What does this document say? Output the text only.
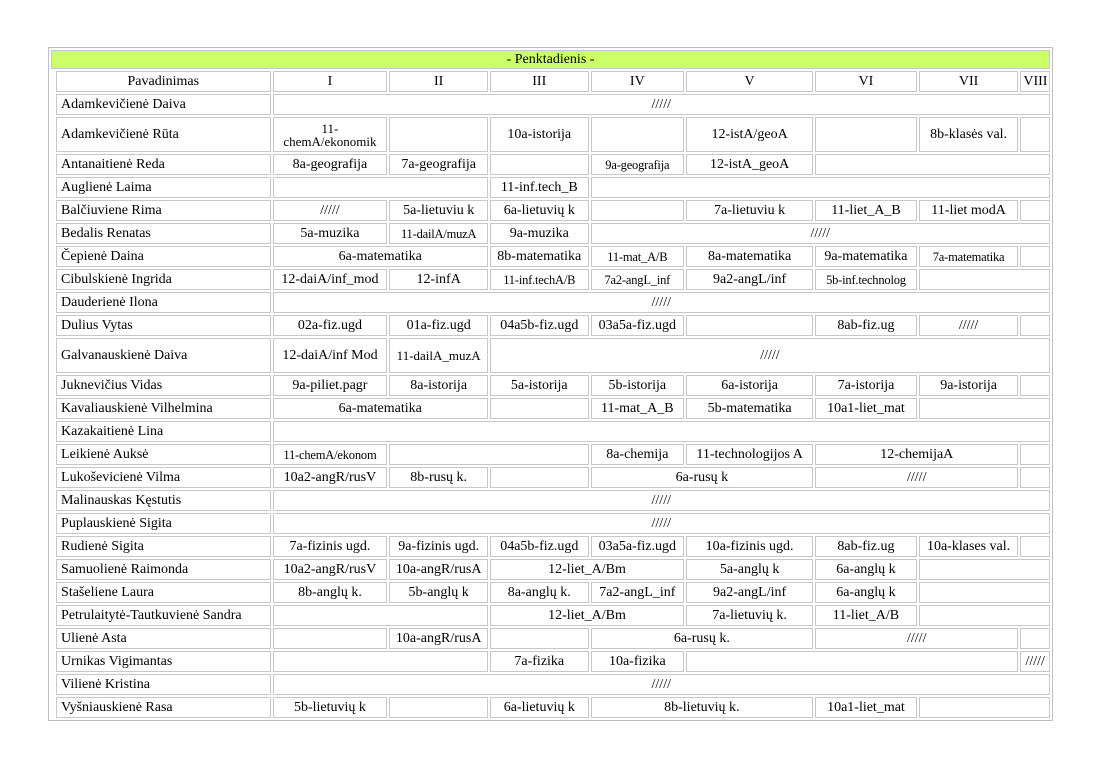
- Penktadienis -									
	Pavadinimas	I	II	III	IV	V	VI	VII	VIII
	Adamkevičienė Daiva	/////							
	Adamkevičienė Rūta	11-chemA/ekonomik		10a-istorija		12-istA/geoA		8b-klasės val.	
	Antanaitienė Reda	8a-geografija	7a-geografija		9a-geografija	12-istA_geoA			
	Auglienė Laima			11-inf.tech_B					
	Balčiuviene Rima	/////	5a-lietuviu k	6a-lietuvių k		7a-lietuviu k	11-liet_A_B	11-liet modA	
	Bedalis Renatas	5a-muzika	11-dailA/muzA	9a-muzika	/////				
	Čepienė Daina	6a-matematika		8b-matematika	11-mat_A/B	8a-matematika	9a-matematika	7a-matematika	
	Cibulskienė Ingrida	12-daiA/inf_mod	12-infA	11-inf.techA/B	7a2-angL_inf	9a2-angL/inf	5b-inf.technolog		
	Dauderienė Ilona	/////							
	Dulius Vytas	02a-fiz.ugd	01a-fiz.ugd	04a5b-fiz.ugd	03a5a-fiz.ugd		8ab-fiz.ug	/////	
	Galvanauskienė Daiva	12-daiA/inf Mod	11-dailA_muzA	/////					
	Juknevičius Vidas	9a-piliet.pagr	8a-istorija	5a-istorija	5b-istorija	6a-istorija	7a-istorija	9a-istorija	
	Kavaliauskienė Vilhelmina	6a-matematika			11-mat_A_B	5b-matematika	10a1-liet_mat		
	Kazakaitienė Lina								
	Leikienė Auksė	11-chemA/ekonom			8a-chemija	11-technologijos A	12-chemijaA		
	Lukoševicienė Vilma	10a2-angR/rusV	8b-rusų k.		6a-rusų k		/////		
	Malinauskas Kęstutis	/////							
	Puplauskienė Sigita	/////							
	Rudienė Sigita	7a-fizinis ugd.	9a-fizinis ugd.	04a5b-fiz.ugd	03a5a-fiz.ugd	10a-fizinis ugd.	8ab-fiz.ug	10a-klases val.	
	Samuolienė Raimonda	10a2-angR/rusV	10a-angR/rusA	12-liet_A/Bm		5a-anglų k	6a-anglų k		
	Stašeliene Laura	8b-anglų k.	5b-anglų k	8a-anglų k.	7a2-angL_inf	9a2-angL/inf	6a-anglų k		
	Petrulaitytė-Tautkuvienė Sandra			12-liet_A/Bm		7a-lietuvių k.	11-liet_A/B		
	Ulienė Asta		10a-angR/rusA		6a-rusų k.		/////		
	Urnikas Vigimantas			7a-fizika	10a-fizika				/////
	Vilienė Kristina	/////							
	Vyšniauskienė Rasa	5b-lietuvių k		6a-lietuvių k	8b-lietuvių k.		10a1-liet_mat		
